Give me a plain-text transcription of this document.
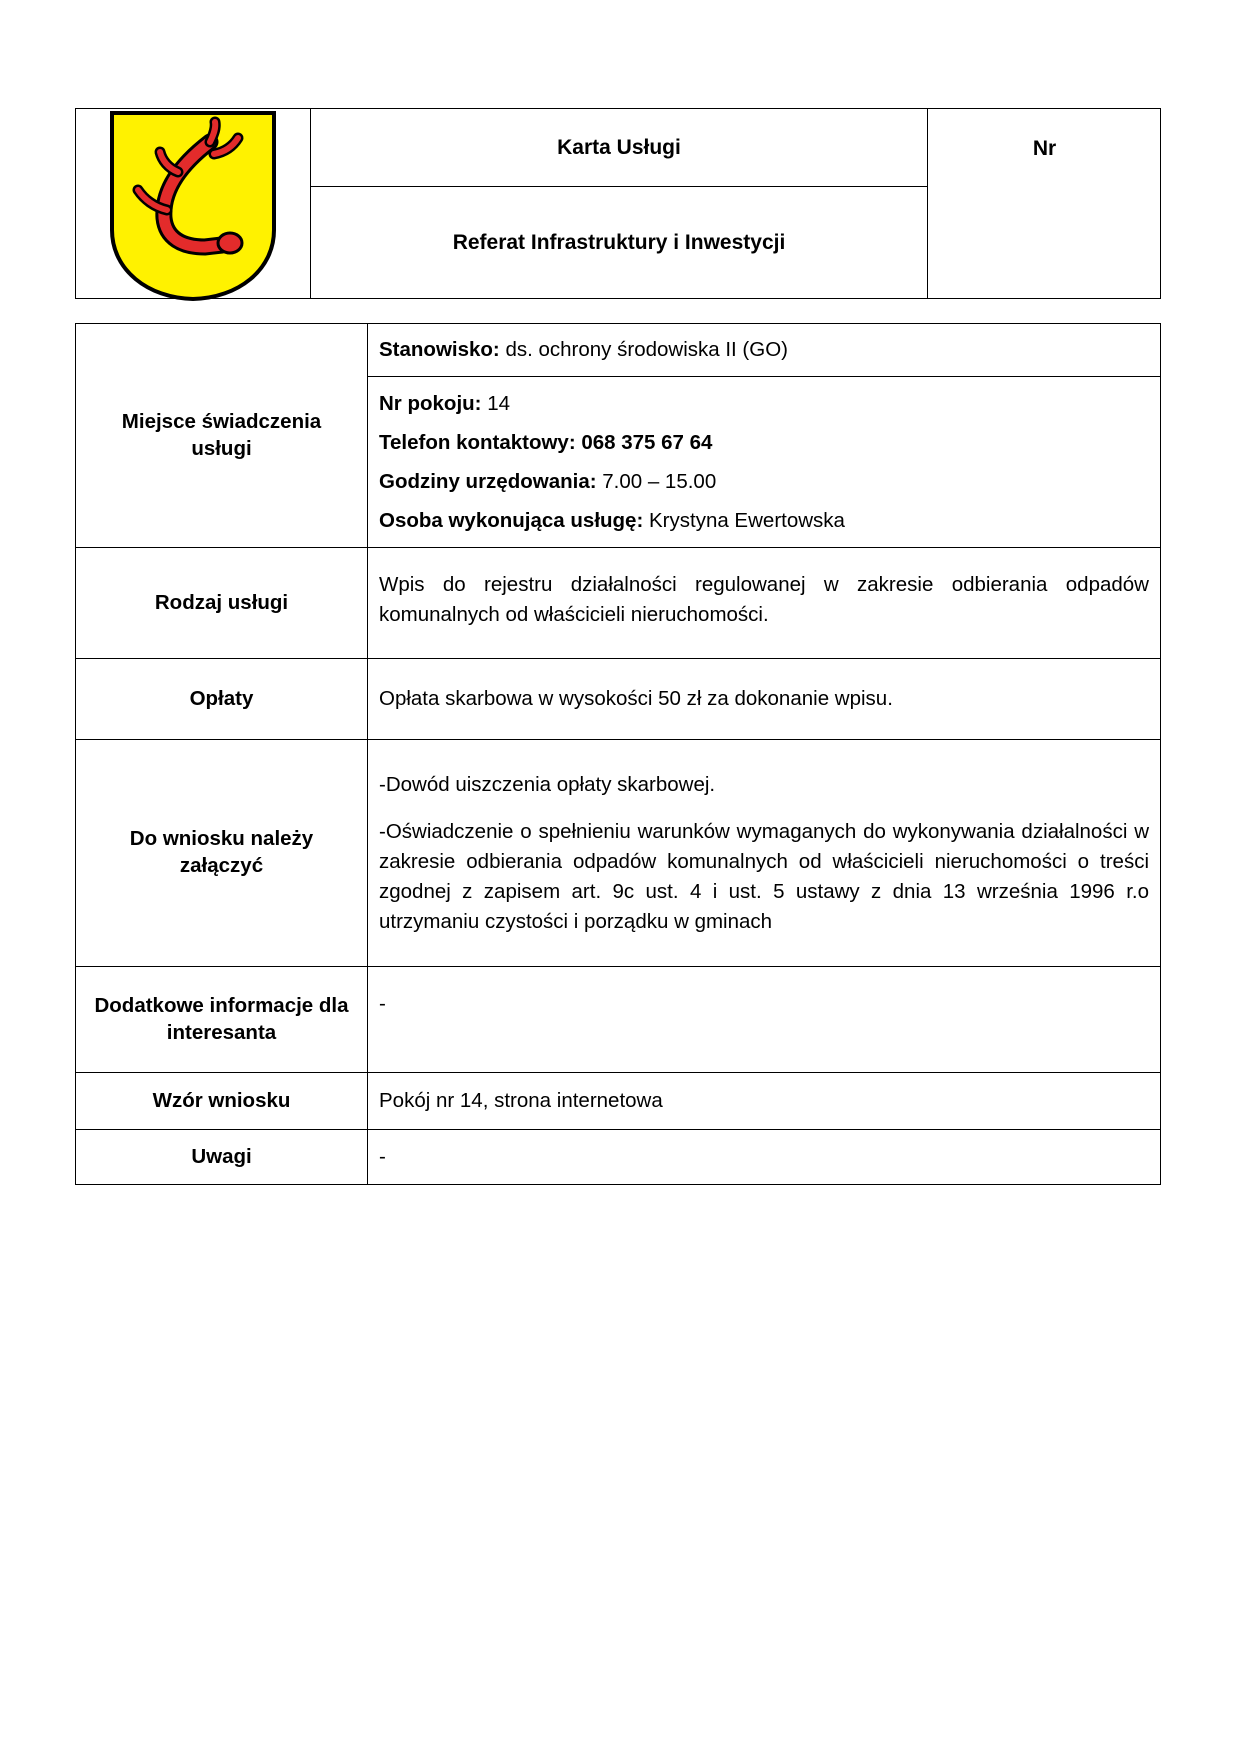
Karta Usługi
Referat Infrastruktury i Inwestycji
Nr
Miejsce świadczenia usługi	Stanowisko: ds. ochrony środowiska II (GO)

	Nr pokoju: 14
Telefon kontaktowy: 068 375 67 64
Godziny urzędowania: 7.00 – 15.00
Osoba wykonująca usługę: Krystyna Ewertowska

Rodzaj usługi	Wpis do rejestru działalności regulowanej w zakresie odbierania odpadów komunalnych od właścicieli nieruchomości.
Opłaty	Opłata skarbowa w wysokości 50 zł za dokonanie wpisu.
Do wniosku należy załączyć	-Dowód uiszczenia opłaty skarbowej.
-Oświadczenie o spełnieniu warunków wymaganych do wykonywania działalności w zakresie odbierania odpadów komunalnych od właścicieli nieruchomości o treści zgodnej z zapisem art. 9c ust. 4 i ust. 5 ustawy z dnia 13 września 1996 r.o utrzymaniu czystości i porządku w gminach

Dodatkowe informacje dla interesanta	-
Wzór wniosku	Pokój nr 14, strona internetowa
Uwagi	-
